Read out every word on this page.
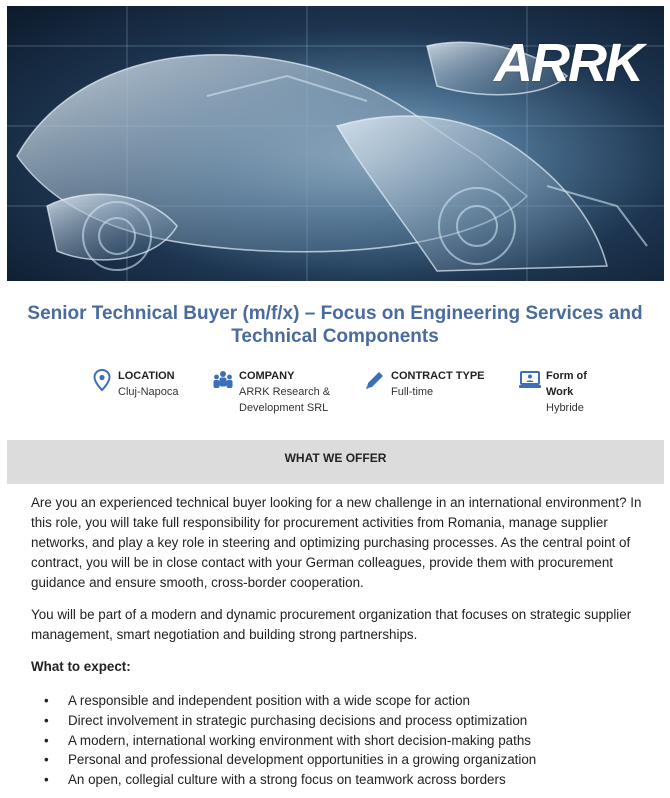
ARRK
Senior Technical Buyer (m/f/x) – Focus on Engineering Services and Technical Components
LOCATION
Cluj-Napoca
COMPANY
ARRK Research & Development SRL
CONTRACT TYPE
Full-time
Form of Work
Hybride
WHAT WE OFFER

Are you an experienced technical buyer looking for a new challenge in an international environment? In this role, you will take full responsibility for procurement activities from Romania, manage supplier networks, and play a key role in steering and optimizing purchasing processes. As the central point of contract, you will be in close contact with your German colleagues, provide them with procurement guidance and ensure smooth, cross-border cooperation.

You will be part of a modern and dynamic procurement organization that focuses on strategic supplier management, smart negotiation and building strong partnerships.

What to expect:

• A responsible and independent position with a wide scope for action
• Direct involvement in strategic purchasing decisions and process optimization
• A modern, international working environment with short decision-making paths
• Personal and professional development opportunities in a growing organization
• An open, collegial culture with a strong focus on teamwork across borders
